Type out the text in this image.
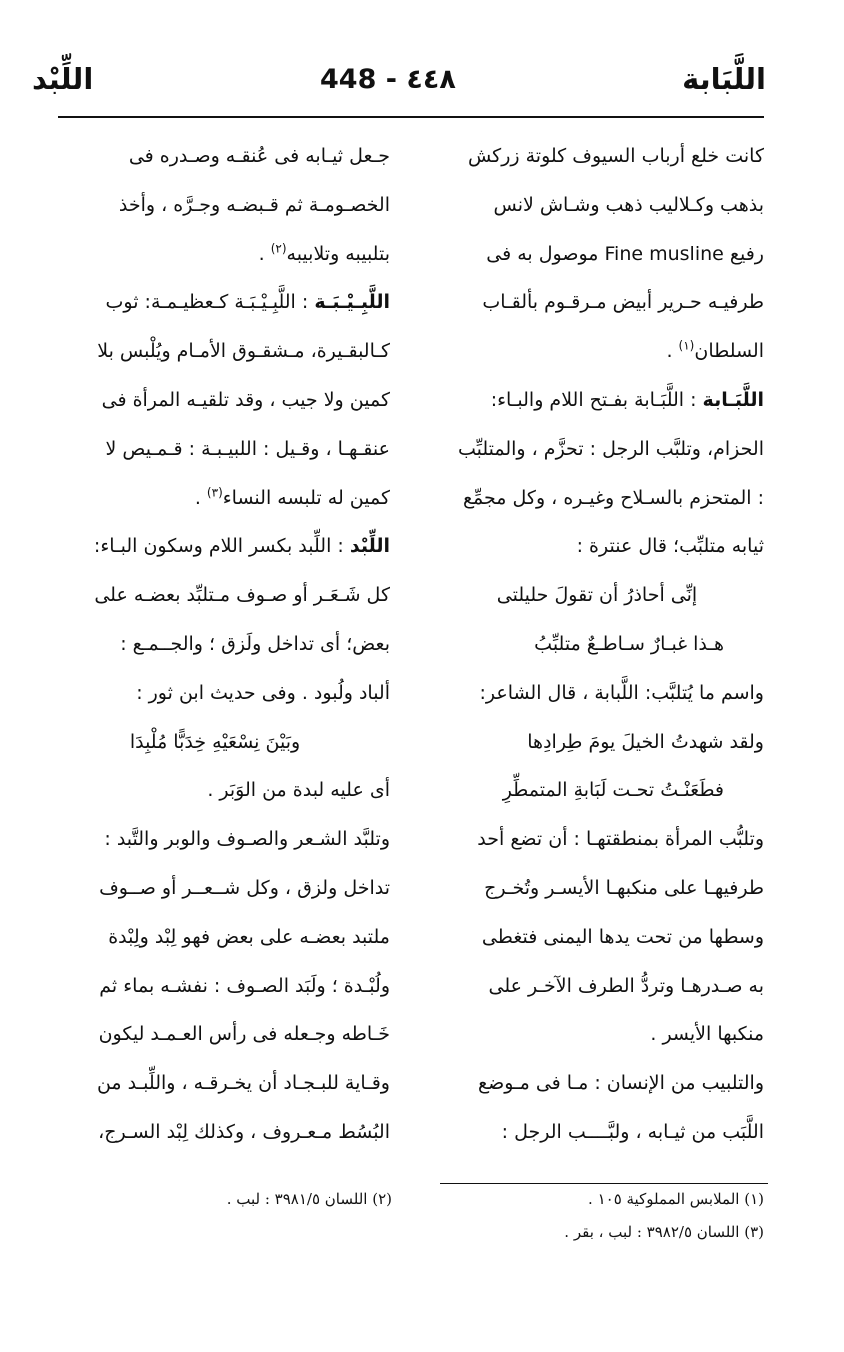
اللَّبَابة
448 - ٤٤٨
اللِّبْد
كانت خلع أرباب السيوف كلوتة زركش
بذهب وكـلاليب ذهب وشـاش لانس
رفيع Fine musline موصول به فى
طرفيـه حـرير أبيض مـرقـوم بألقـاب
السلطان$^{(١)}$ .
اللَّبَـابة : اللَّبَـابة بفـتح اللام والبـاء:
الحزام، وتلبَّب الرجل : تحزَّم ، والمتلبِّب
: المتحزم بالسـلاح وغيـره ، وكل مجمِّع
ثيابه متلبِّب؛ قال عنترة :
إنِّى أحاذرُ أن تقولَ حليلتى
هـذا غبـارٌ سـاطـعٌ متلبِّبُ
واسم ما يُتلبَّب: اللَّبابة ، قال الشاعر:
ولقد شهدتُ الخيلَ يومَ طِرادِها
فطَعَنْـتُ تحـت لَبَابةِ المتمطِّرِ
وتلبُّب المرأة بمنطقتهـا : أن تضع أحد
طرفيهـا على منكبهـا الأيسـر وتُخـرج
وسطها من تحت يدها اليمنى فتغطى
به صـدرهـا وتردُّ الطرف الآخـر على
منكبها الأيسر .
والتلبيب من الإنسان : مـا فى مـوضع
اللَّبَب من ثيـابه ، ولبَّــــب الرجل :
جـعل ثيـابه فى عُنقـه وصـدره فى
الخصـومـة ثم قـبضـه وجـرَّه ، وأخذ
بتلبيبه وتلابيبه$^{(٢)}$ .
اللَّبِـيْـبَـة : اللَّبِـيْـبَـة كـعظيـمـة: ثوب
كـالبقـيرة، مـشقـوق الأمـام ويُلْبس بلا
كمين ولا جيب ، وقد تلقيـه المرأة فى
عنقـهـا ، وقـيل : اللبيـبـة : قـمـيص لا
كمين له تلبسه النساء$^{(٣)}$ .
اللِّبْد : اللِّبد بكسر اللام وسكون البـاء:
كل شَـعَـر أو صـوف مـتلبِّد بعضـه على
بعض؛ أى تداخل ولَزق ؛ والجــمـع :
ألباد ولُبود . وفى حديث ابن ثور :
وبَيْنَ نِسْعَيْهِ خِدَبًّا مُلْبِدَا
أى عليه لبدة من الوَبَر .
وتلبَّد الشـعر والصـوف والوبر والتَّبد :
تداخل ولزق ، وكل شــعــر أو صــوف
ملتبد بعضـه على بعض فهو لِبْد ولِبْدة
ولُبْـدة ؛ ولَبَد الصـوف : نفشـه بماء ثم
خَـاطه وجـعله فى رأس العـمـد ليكون
وقـاية للبـجـاد أن يخـرقـه ، واللِّبـد من
البُسُط مـعـروف ، وكذلك لِبْد السـرج،
(١) الملابس المملوكية ١٠٥ .
(٢) اللسان ٣٩٨١/٥ : لبب .
(٣) اللسان ٣٩٨٢/٥ : لبب ، بقر .
